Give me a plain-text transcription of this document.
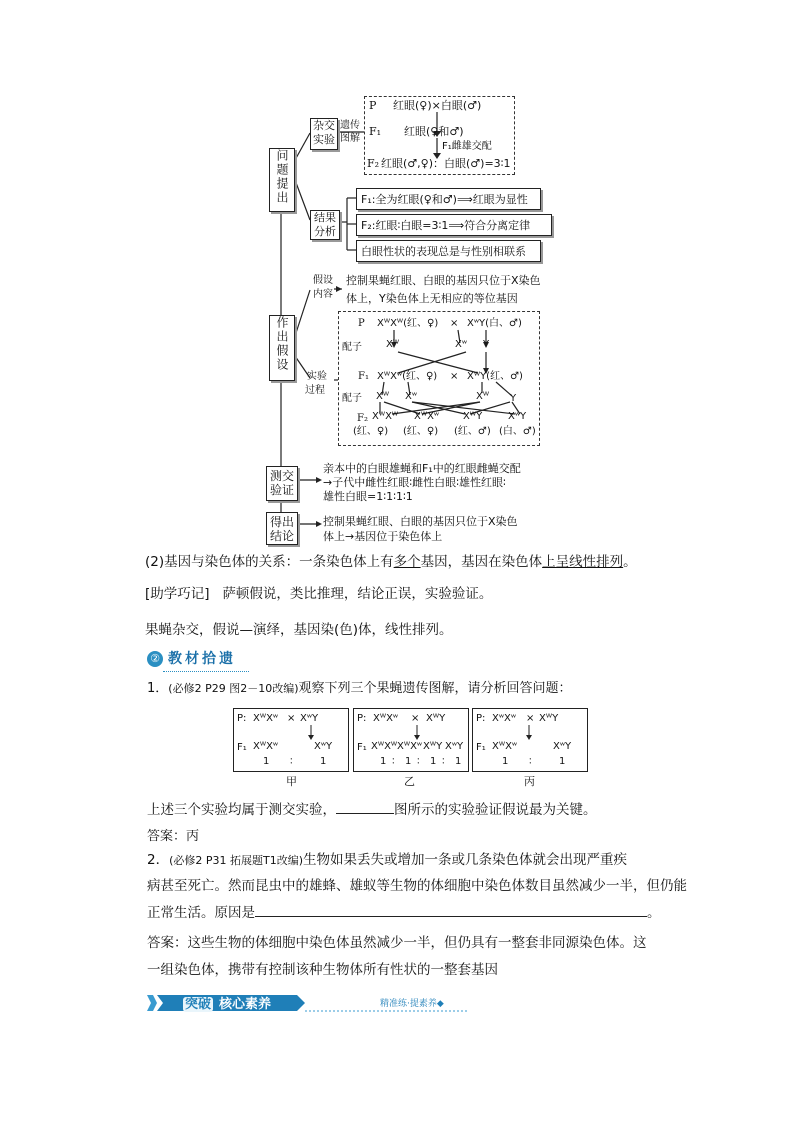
问题提出
作出假设
测交
验证
得出
结论
杂交
实验
遗传
图解
P 红眼(♀)×白眼(♂)
F₁ 红眼(♀和♂)
F₁雌雄交配
F₂ 红眼(♂,♀)：白眼(♂)=3∶1
结果
分析
F₁:全为红眼(♀和♂)⟹红眼为显性
F₂:红眼∶白眼=3∶1⟹符合分离定律
白眼性状的表现总是与性别相联系
假设
内容
控制果蝇红眼、白眼的基因只位于X染色
体上，Y染色体上无相应的等位基因
实验
过程
P XᵂXᵂ(红、♀) × XʷY(白、♂)
配子 Xᵂ	Xʷ Y
F₁ XᵂXʷ(红、♀) × XᵂY(红、♂)
配子 Xᵂ Xʷ	Xᵂ Y
F₂ XᵂXᵂ XᵂXʷ XᵂY	XʷY
(红、♀) (红、♀) (红、♂) (白、♂)
亲本中的白眼雄蝇和F₁中的红眼雌蝇交配
→子代中雌性红眼∶雌性白眼∶雄性红眼∶
雄性白眼=1∶1∶1∶1
控制果蝇红眼、白眼的基因只位于X染色
体上→基因位于染色体上
(2)基因与染色体的关系：一条染色体上有多个基因，基因在染色体上呈线性排列。
[助学巧记] 萨顿假说，类比推理，结论正误，实验验证。
果蝇杂交，假说—演绎，基因染(色)体，线性排列。
② 教材拾遗
1．(必修2 P29 图2－10改编)观察下列三个果蝇遗传图解，请分析回答问题：
P: XᵂXʷ × XʷY
F₁ XᵂXʷ	XʷY
1 ： 1
甲
P: XᵂXʷ × XᵂY
F₁ XᵂXᵂ XᵂXʷ XᵂY XʷY
1 ： 1 ： 1 ： 1
乙
P: XʷXʷ × XᵂY
F₁ XᵂXʷ	XʷY
1 ： 1
丙
上述三个实验均属于测交实验，	图所示的实验验证假说最为关键。
答案：丙
2．(必修2 P31 拓展题T1改编)生物如果丢失或增加一条或几条染色体就会出现严重疾
病甚至死亡。然而昆虫中的雄蜂、雄蚁等生物的体细胞中染色体数目虽然减少一半，但仍能
正常生活。原因是	。
答案：这些生物的体细胞中染色体虽然减少一半，但仍具有一整套非同源染色体。这
一组染色体，携带有控制该种生物体所有性状的一整套基因
突破 核心素养	精准练·提素养◆
